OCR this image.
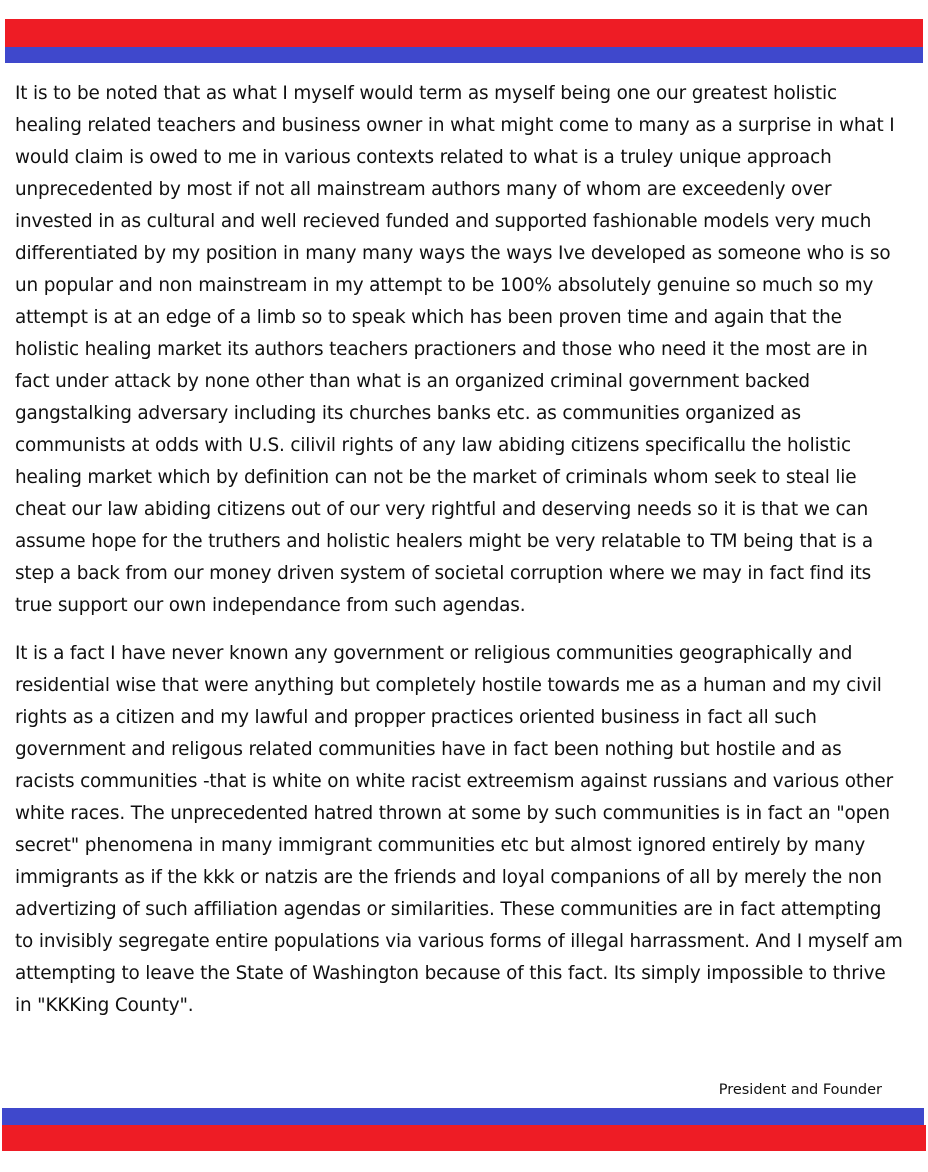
It is to be noted that as what I myself would term as myself being one our greatest holistic
healing related teachers and business owner in what might come to many as a surprise in what I
would claim is owed to me in various contexts related to what is a truley unique approach
unprecedented by most if not all mainstream authors many of whom are exceedenly over
invested in as cultural and well recieved funded and supported fashionable models very much
differentiated by my position in many many ways the ways Ive developed as someone who is so
un popular and non mainstream in my attempt to be 100% absolutely genuine so much so my
attempt is at an edge of a limb so to speak which has been proven time and again that the
holistic healing market its authors teachers practioners and those who need it the most are in
fact under attack by none other than what is an organized criminal government backed
gangstalking adversary including its churches banks etc. as communities organized as
communists at odds with U.S. cilivil rights of any law abiding citizens specificallu the holistic
healing market which by definition can not be the market of criminals whom seek to steal lie
cheat our law abiding citizens out of our very rightful and deserving needs so it is that we can
assume hope for the truthers and holistic healers might be very relatable to TM being that is a
step a back from our money driven system of societal corruption where we may in fact find its
true support our own independance from such agendas.

It is a fact I have never known any government or religious communities geographically and
residential wise that were anything but completely hostile towards me as a human and my civil
rights as a citizen and my lawful and propper practices oriented business in fact all such
government and religous related communities have in fact been nothing but hostile and as
racists communities -that is white on white racist extreemism against russians and various other
white races. The unprecedented hatred thrown at some by such communities is in fact an "open
secret" phenomena in many immigrant communities etc but almost ignored entirely by many
immigrants as if the kkk or natzis are the friends and loyal companions of all by merely the non
advertizing of such affiliation agendas or similarities. These communities are in fact attempting
to invisibly segregate entire populations via various forms of illegal harrassment. And I myself am
attempting to leave the State of Washington because of this fact. Its simply impossible to thrive
in "KKKing County".

President and Founder
